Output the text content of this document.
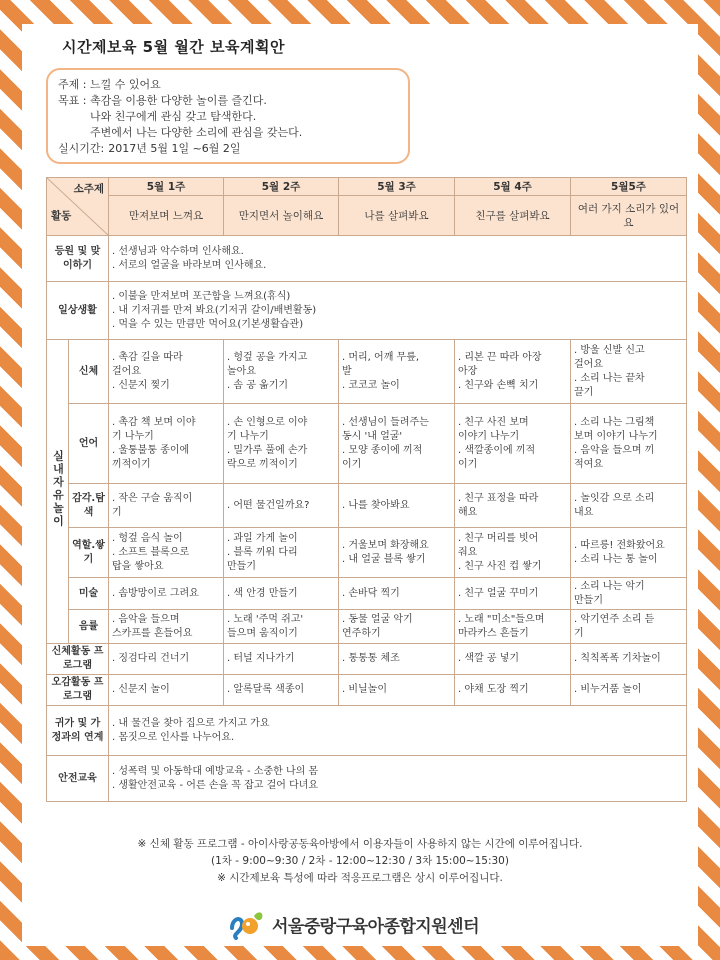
시간제보육 5월 월간 보육계획안
주제 : 느낄 수 있어요
목표 : 촉감을 이용한 다양한 놀이를 즐긴다.
나와 친구에게 관심 갖고 탐색한다.
주변에서 나는 다양한 소리에 관심을 갖는다.
실시기간: 2017년 5월 1일 ~6월 2일
소주제
활동		5월 1주	5월 2주	5월 3주	5월 4주	5월5주
		만져보며 느껴요	만지면서 놀이해요	나를 살펴봐요	친구를 살펴봐요	여러 가지 소리가 있어요
등원 및 맞이하기		. 선생님과 악수하며 인사해요.
. 서로의 얼굴을 바라보며 인사해요.				

일상생활		. 이불을 만져보며 포근함을 느껴요(휴식)
. 내 기저귀를 만져 봐요(기저귀 갈이/배변활동)
. 먹을 수 있는 만큼만 먹어요(기본생활습관)				

실내자유놀이	신체	. 촉감 길을 따라
걸어요
. 신문지 찢기	. 헝겊 공을 가지고
놀아요
. 솜 공 옮기기	. 머리, 어깨 무릎,
발
. 코코코 놀이	. 리본 끈 따라 아장
아장
. 친구와 손뼉 치기	. 방울 신발 신고
걸어요
. 소리 나는 끝차
끌기

	언어	. 촉감 책 보며 이야
기 나누기
. 울퉁불퉁 종이에
끼적이기	. 손 인형으로 이야
기 나누기
. 밀가루 풀에 손가
락으로 끼적이기	. 선생님이 들려주는
동시 '내 얼굴'
. 모양 종이에 끼적
이기	. 친구 사진 보며
이야기 나누기
. 색깔종이에 끼적
이기	. 소리 나는 그림책
보며 이야기 나누기
. 음악을 들으며 끼
적여요

	감각.탐색	. 작은 구슬 움직이
기	. 어떤 물건일까요?	. 나를 찾아봐요	. 친구 표정을 따라
해요	. 놀잇감 으로 소리
내요

	역할.쌓기	. 헝겊 음식 놀이
. 소프트 블록으로
탑을 쌓아요	. 과일 가게 놀이
. 블록 끼워 다리
만들기	. 거울보며 화장해요
. 내 얼굴 블록 쌓기	. 친구 머리를 빗어
줘요
. 친구 사진 컵 쌓기	. 따르릉! 전화왔어요
. 소리 나는 통 놀이

	미술	. 솜방망이로 그려요	. 색 안경 만들기	. 손바닥 찍기	. 친구 얼굴 꾸미기	. 소리 나는 악기
만들기

	음률	. 음악을 들으며
스카프를 흔들어요	. 노래 '주먹 쥐고'
들으며 움직이기	. 동물 얼굴 악기
연주하기	. 노래 "미소"들으며
마라카스 흔들기	. 악기연주 소리 듣
기

신체활동 프로그램		. 징검다리 건너기	. 터널 지나가기	. 통통통 체조	. 색깔 공 넣기	. 칙칙폭폭 기차놀이
오감활동 프로그램		. 신문지 놀이	. 알록달록 색종이	. 비닐놀이	. 야채 도장 찍기	. 비누거품 놀이
귀가 및 가정과의 연계		. 내 물건을 찾아 집으로 가지고 가요
. 몸짓으로 인사를 나누어요.				

안전교육		. 성폭력 및 아동학대 예방교육 - 소중한 나의 몸
. 생활안전교육 - 어른 손을 꼭 잡고 걸어 다녀요				
※ 신체 활동 프로그램 - 아이사랑공동육아방에서 이용자들이 사용하지 않는 시간에 이루어집니다.
(1차 - 9:00~9:30 / 2차 - 12:00~12:30 / 3차 15:00~15:30)
※ 시간제보육 특성에 따라 적응프로그램은 상시 이루어집니다.
서울중랑구육아종합지원센터
